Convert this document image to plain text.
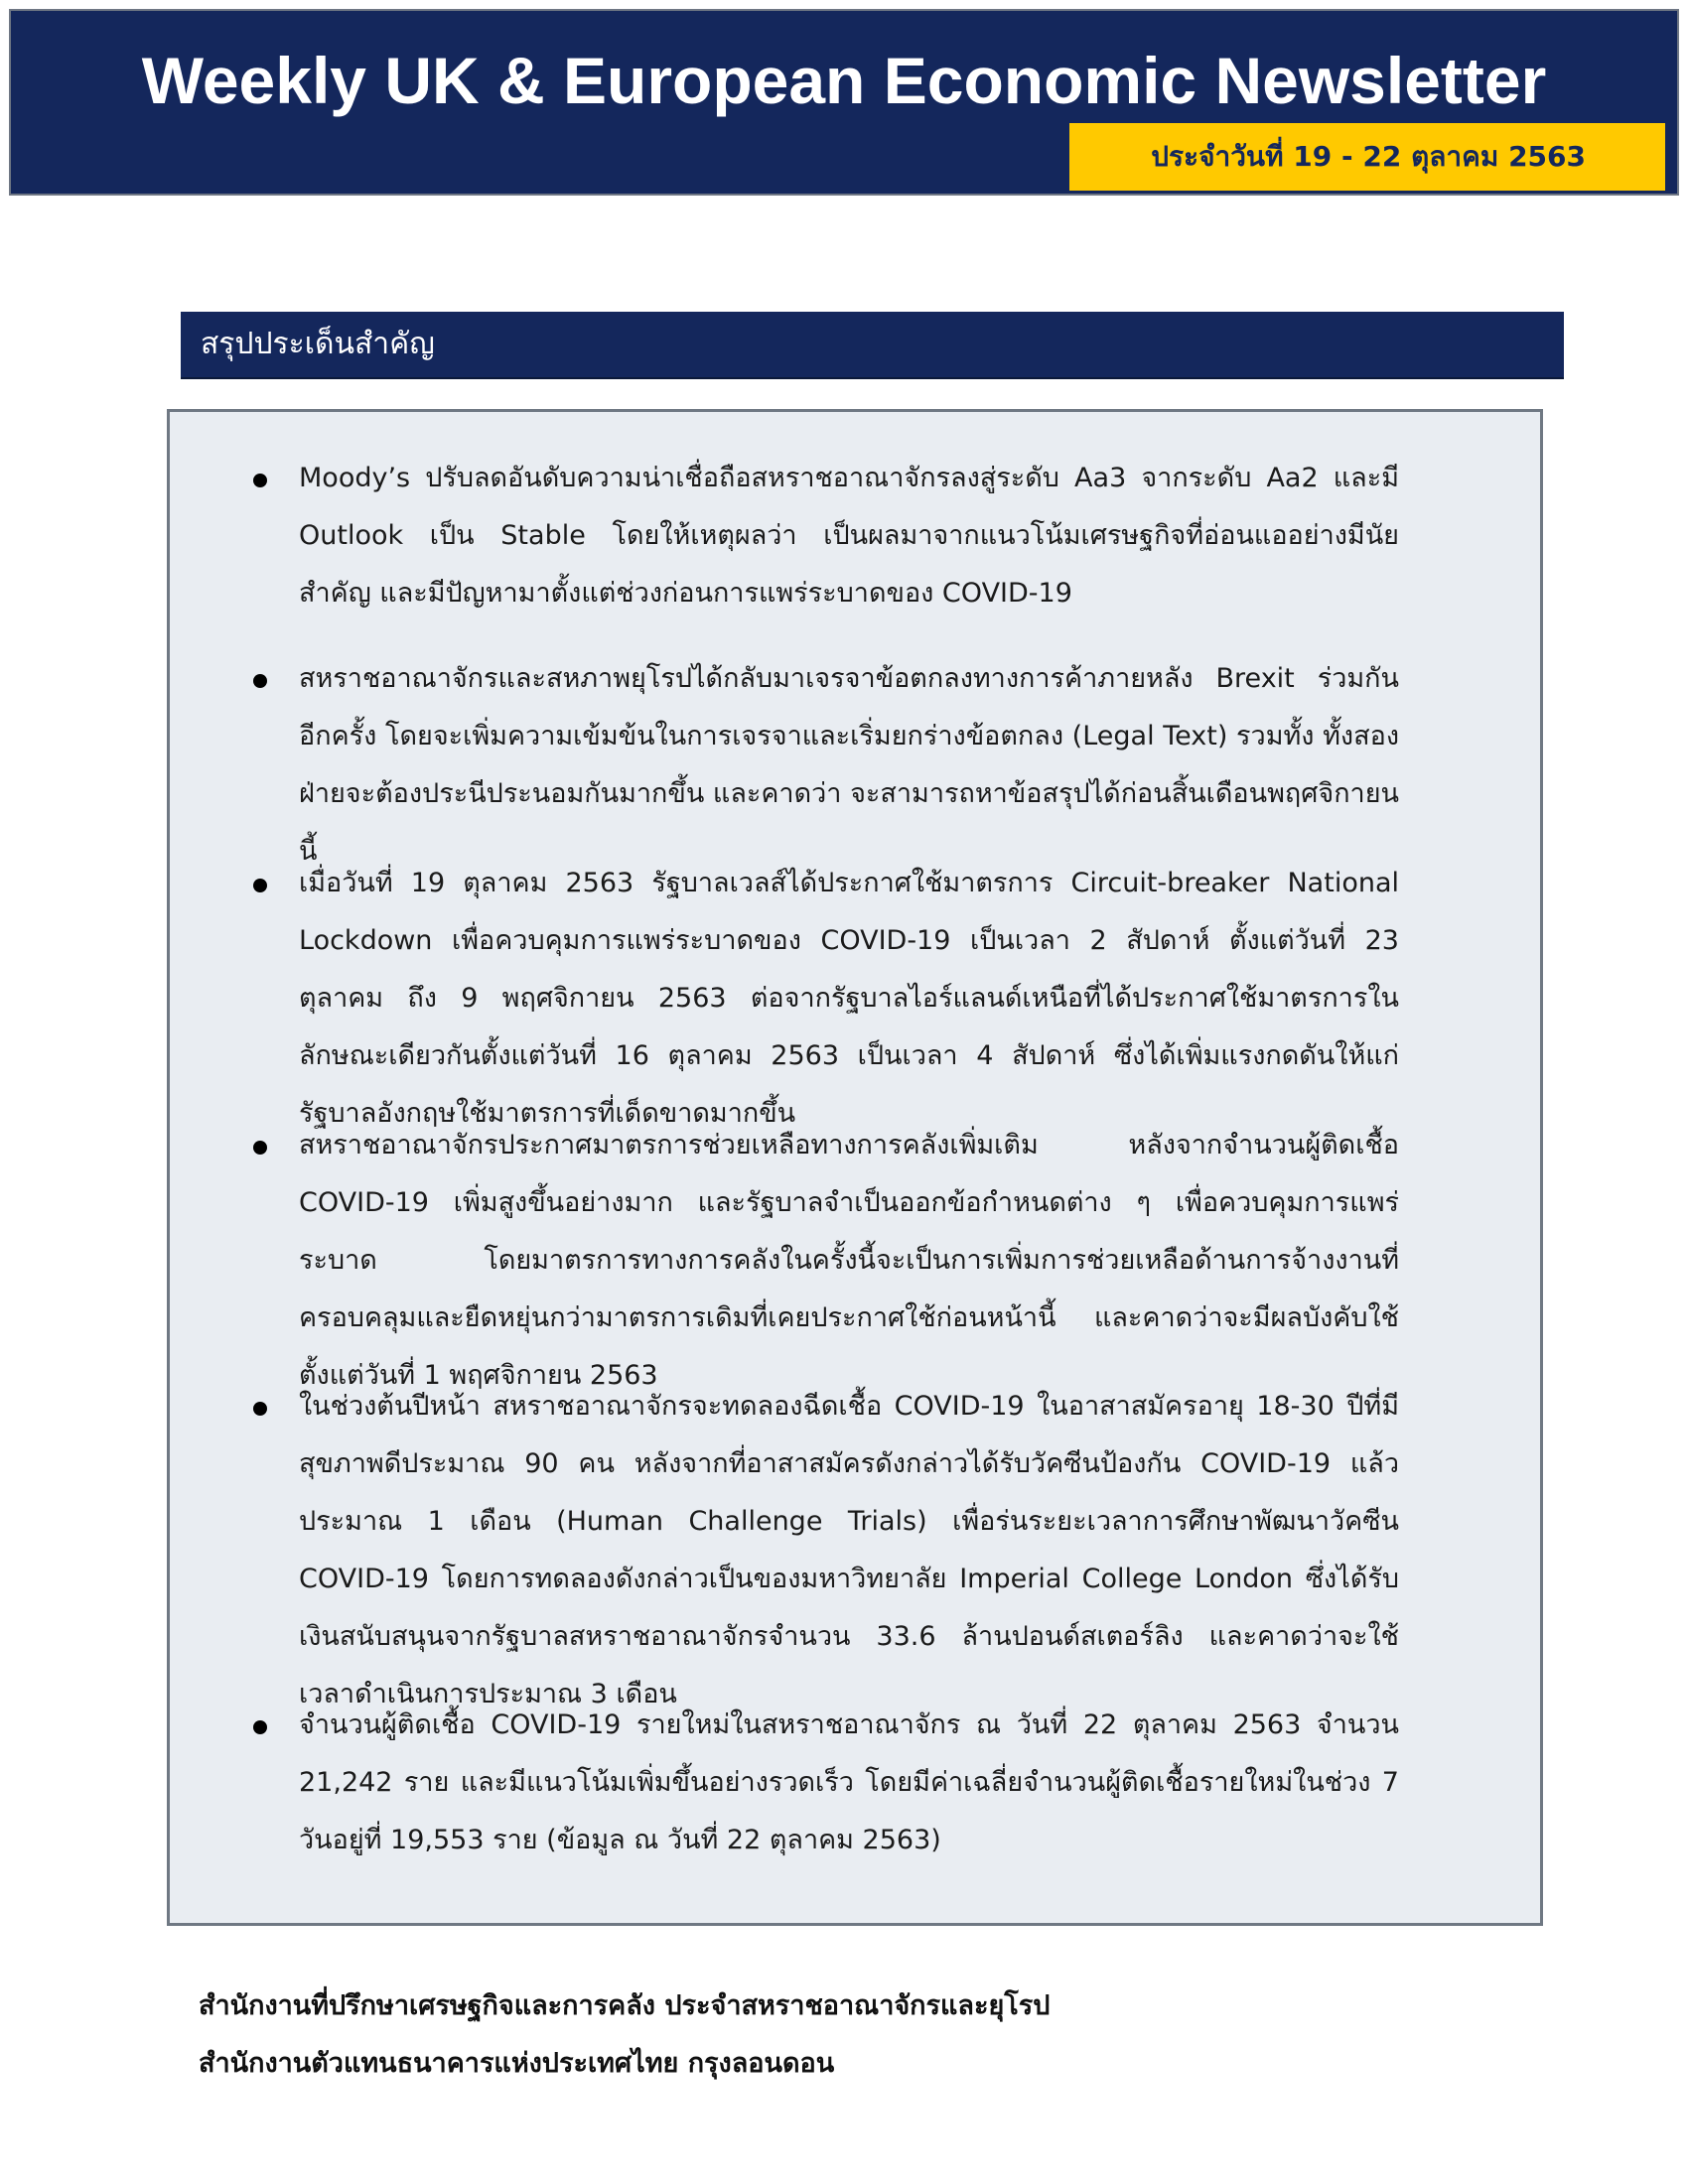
Weekly UK & European Economic Newsletter
ประจำวันที่ 19 - 22 ตุลาคม 2563
สรุปประเด็นสำคัญ
Moody’s ปรับลดอันดับความน่าเชื่อถือสหราชอาณาจักรลงสู่ระดับ Aa3 จากระดับ Aa2 และมี Outlook เป็น Stable โดยให้เหตุผลว่า เป็นผลมาจากแนวโน้มเศรษฐกิจที่อ่อนแออย่างมีนัยสำคัญ และมีปัญหามาตั้งแต่ช่วงก่อนการแพร่ระบาดของ COVID-19
สหราชอาณาจักรและสหภาพยุโรปได้กลับมาเจรจาข้อตกลงทางการค้าภายหลัง Brexit ร่วมกันอีกครั้ง โดยจะเพิ่มความเข้มข้นในการเจรจาและเริ่มยกร่างข้อตกลง (Legal Text) รวมทั้ง ทั้งสองฝ่ายจะต้องประนีประนอมกันมากขึ้น และคาดว่า จะสามารถหาข้อสรุปได้ก่อนสิ้นเดือนพฤศจิกายนนี้
เมื่อวันที่ 19 ตุลาคม 2563 รัฐบาลเวลส์ได้ประกาศใช้มาตรการ Circuit-breaker National Lockdown เพื่อควบคุมการแพร่ระบาดของ COVID-19 เป็นเวลา 2 สัปดาห์ ตั้งแต่วันที่ 23 ตุลาคม ถึง 9 พฤศจิกายน 2563 ต่อจากรัฐบาลไอร์แลนด์เหนือที่ได้ประกาศใช้มาตรการในลักษณะเดียวกันตั้งแต่วันที่ 16 ตุลาคม 2563 เป็นเวลา 4 สัปดาห์ ซึ่งได้เพิ่มแรงกดดันให้แก่รัฐบาลอังกฤษใช้มาตรการที่เด็ดขาดมากขึ้น
สหราชอาณาจักรประกาศมาตรการช่วยเหลือทางการคลังเพิ่มเติม หลังจากจำนวนผู้ติดเชื้อ COVID-19 เพิ่มสูงขึ้นอย่างมาก และรัฐบาลจำเป็นออกข้อกำหนดต่าง ๆ เพื่อควบคุมการแพร่ระบาด โดยมาตรการทางการคลังในครั้งนี้จะเป็นการเพิ่มการช่วยเหลือด้านการจ้างงานที่ครอบคลุมและยืดหยุ่นกว่ามาตรการเดิมที่เคยประกาศใช้ก่อนหน้านี้ และคาดว่าจะมีผลบังคับใช้ตั้งแต่วันที่ 1 พฤศจิกายน 2563
ในช่วงต้นปีหน้า สหราชอาณาจักรจะทดลองฉีดเชื้อ COVID-19 ในอาสาสมัครอายุ 18-30 ปีที่มีสุขภาพดีประมาณ 90 คน หลังจากที่อาสาสมัครดังกล่าวได้รับวัคซีนป้องกัน COVID-19 แล้วประมาณ 1 เดือน (Human Challenge Trials) เพื่อร่นระยะเวลาการศึกษาพัฒนาวัคซีน COVID-19 โดยการทดลองดังกล่าวเป็นของมหาวิทยาลัย Imperial College London ซึ่งได้รับเงินสนับสนุนจากรัฐบาลสหราชอาณาจักรจำนวน 33.6 ล้านปอนด์สเตอร์ลิง และคาดว่าจะใช้เวลาดำเนินการประมาณ 3 เดือน
จำนวนผู้ติดเชื้อ COVID-19 รายใหม่ในสหราชอาณาจักร ณ วันที่ 22 ตุลาคม 2563 จำนวน 21,242 ราย และมีแนวโน้มเพิ่มขึ้นอย่างรวดเร็ว โดยมีค่าเฉลี่ยจำนวนผู้ติดเชื้อรายใหม่ในช่วง 7 วันอยู่ที่ 19,553 ราย (ข้อมูล ณ วันที่ 22 ตุลาคม 2563)
สำนักงานที่ปรึกษาเศรษฐกิจและการคลัง ประจำสหราชอาณาจักรและยุโรป
สำนักงานตัวแทนธนาคารแห่งประเทศไทย กรุงลอนดอน
